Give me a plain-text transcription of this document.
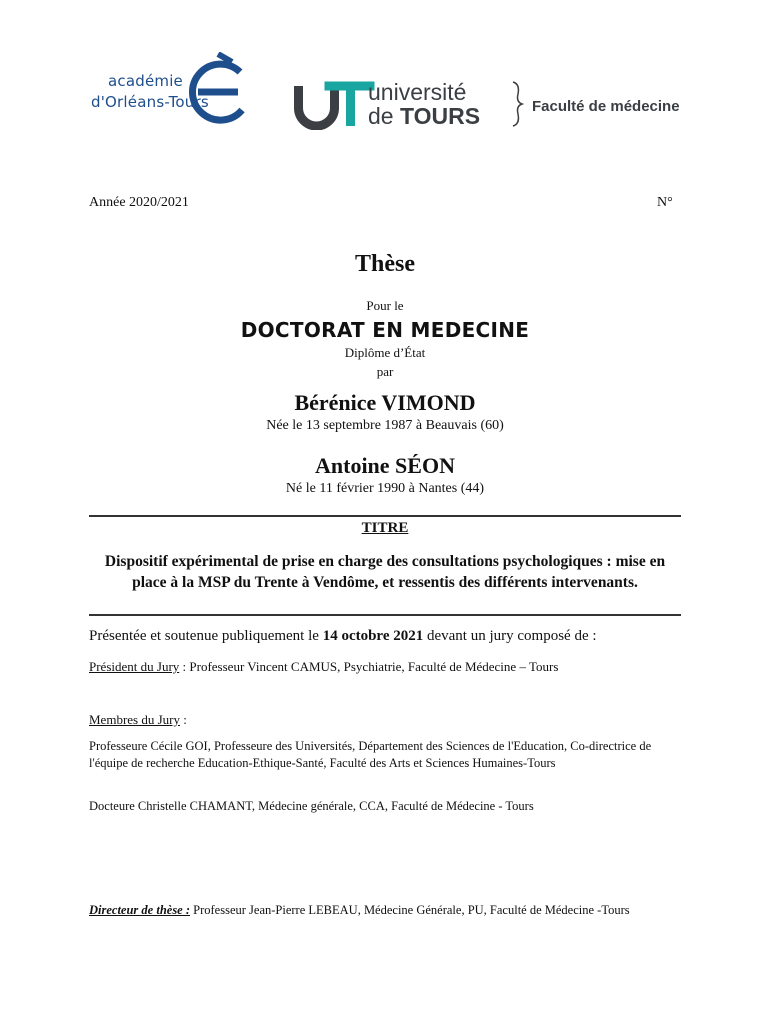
académie
d'Orléans-Tours	université
de TOURS	Faculté de médecine
Année 2020/2021	N°
Thèse
Pour le
DOCTORAT EN MEDECINE
Diplôme d’État
par
Bérénice VIMOND
Née le 13 septembre 1987 à Beauvais (60)
Antoine SÉON
Né le 11 février 1990 à Nantes (44)
TITRE
Dispositif expérimental de prise en charge des consultations psychologiques : mise en place à la MSP du Trente à Vendôme, et ressentis des différents intervenants.
Présentée et soutenue publiquement le 14 octobre 2021 devant un jury composé de :
Président du Jury : Professeur Vincent CAMUS, Psychiatrie, Faculté de Médecine – Tours
Membres du Jury :
Professeure Cécile GOI, Professeure des Universités, Département des Sciences de l'Education, Co-directrice de l'équipe de recherche Education-Ethique-Santé, Faculté des Arts et Sciences Humaines-Tours
Docteure Christelle CHAMANT, Médecine générale, CCA, Faculté de Médecine - Tours
Directeur de thèse : Professeur Jean-Pierre LEBEAU, Médecine Générale, PU, Faculté de Médecine -Tours
